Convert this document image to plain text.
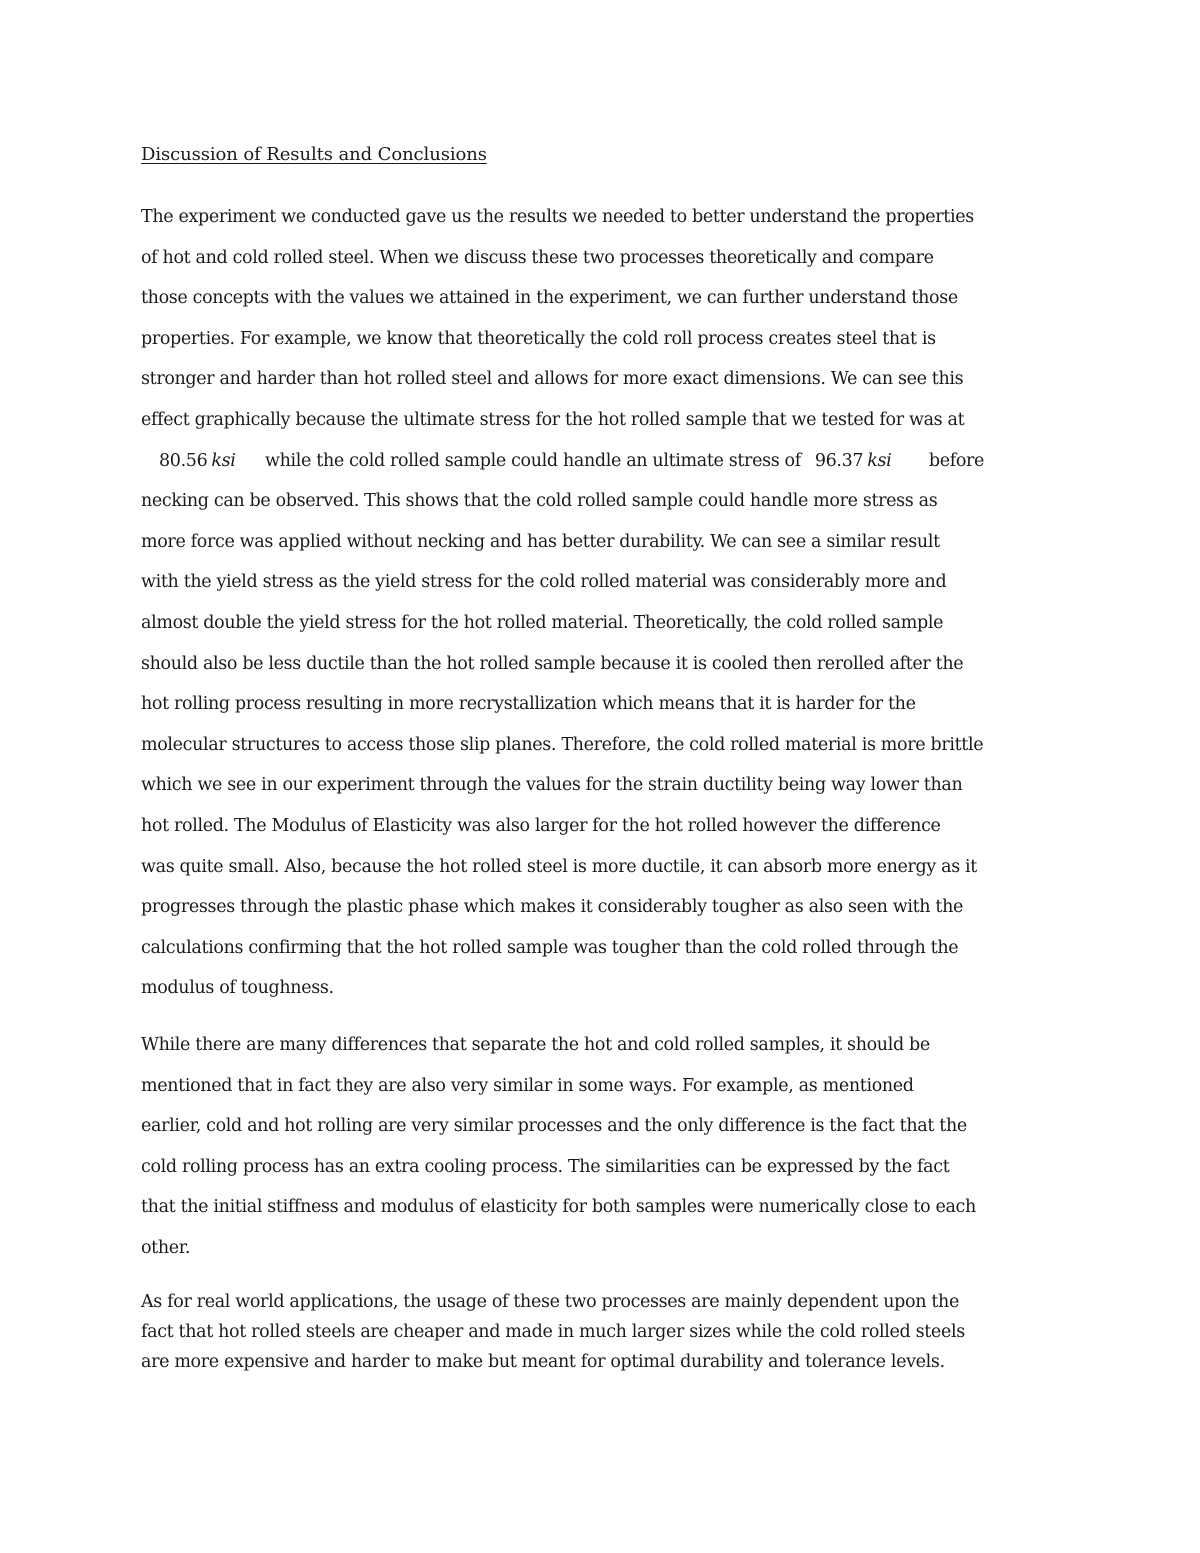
Discussion of Results and Conclusions

The experiment we conducted gave us the results we needed to better understand the properties
of hot and cold rolled steel. When we discuss these two processes theoretically and compare
those concepts with the values we attained in the experiment, we can further understand those
properties. For example, we know that theoretically the cold roll process creates steel that is
stronger and harder than hot rolled steel and allows for more exact dimensions. We can see this
effect graphically because the ultimate stress for the hot rolled sample that we tested for was at
80.56 ksi while the cold rolled sample could handle an ultimate stress of 96.37 ksi before
necking can be observed. This shows that the cold rolled sample could handle more stress as
more force was applied without necking and has better durability. We can see a similar result
with the yield stress as the yield stress for the cold rolled material was considerably more and
almost double the yield stress for the hot rolled material. Theoretically, the cold rolled sample
should also be less ductile than the hot rolled sample because it is cooled then rerolled after the
hot rolling process resulting in more recrystallization which means that it is harder for the
molecular structures to access those slip planes. Therefore, the cold rolled material is more brittle
which we see in our experiment through the values for the strain ductility being way lower than
hot rolled. The Modulus of Elasticity was also larger for the hot rolled however the difference
was quite small. Also, because the hot rolled steel is more ductile, it can absorb more energy as it
progresses through the plastic phase which makes it considerably tougher as also seen with the
calculations confirming that the hot rolled sample was tougher than the cold rolled through the
modulus of toughness.

While there are many differences that separate the hot and cold rolled samples, it should be
mentioned that in fact they are also very similar in some ways. For example, as mentioned
earlier, cold and hot rolling are very similar processes and the only difference is the fact that the
cold rolling process has an extra cooling process. The similarities can be expressed by the fact
that the initial stiffness and modulus of elasticity for both samples were numerically close to each
other.

As for real world applications, the usage of these two processes are mainly dependent upon the
fact that hot rolled steels are cheaper and made in much larger sizes while the cold rolled steels
are more expensive and harder to make but meant for optimal durability and tolerance levels.
